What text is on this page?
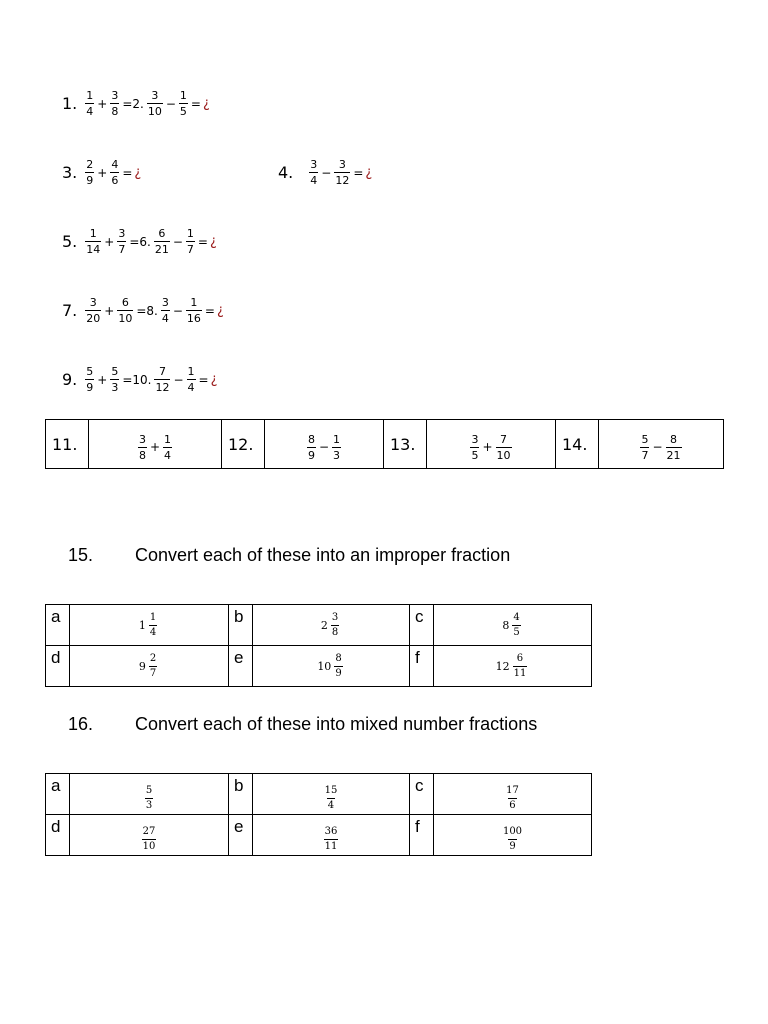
1. $\frac{1}{4} + \frac{3}{8} =2$. $\frac{3}{10} - \frac{1}{5}$ = ¿
3. $\frac{2}{9} + \frac{4}{6}$ = ¿	4. $\frac{3}{4} - \frac{3}{12}$ = ¿
5. $\frac{1}{14} + \frac{3}{7} =6$. $\frac{6}{21} - \frac{1}{7}$ = ¿
7. $\frac{3}{20} + \frac{6}{10} =8$. $\frac{3}{4} - \frac{1}{16}$ = ¿
9. $\frac{5}{9} + \frac{5}{3} =10$. $\frac{7}{12} - \frac{1}{4}$ = ¿
11.	$\frac{3}{8} + \frac{1}{4}$	12.	$\frac{8}{9} - \frac{1}{3}$	13.	$\frac{3}{5} + \frac{7}{10}$	14.	$\frac{5}{7} - \frac{8}{21}$
15.	Convert each of these into an improper fraction
a	$1 \frac{1}{4}$	b	$2 \frac{3}{8}$	c	$8 \frac{4}{5}$

d	$9 \frac{2}{7}$	e	$10 \frac{8}{9}$	f	$12 \frac{6}{11}$
16.	Convert each of these into mixed number fractions
a	$\frac{5}{3}$	b	$\frac{15}{4}$	c	$\frac{17}{6}$

d	$\frac{27}{10}$	e	$\frac{36}{11}$	f	$\frac{100}{9}$
